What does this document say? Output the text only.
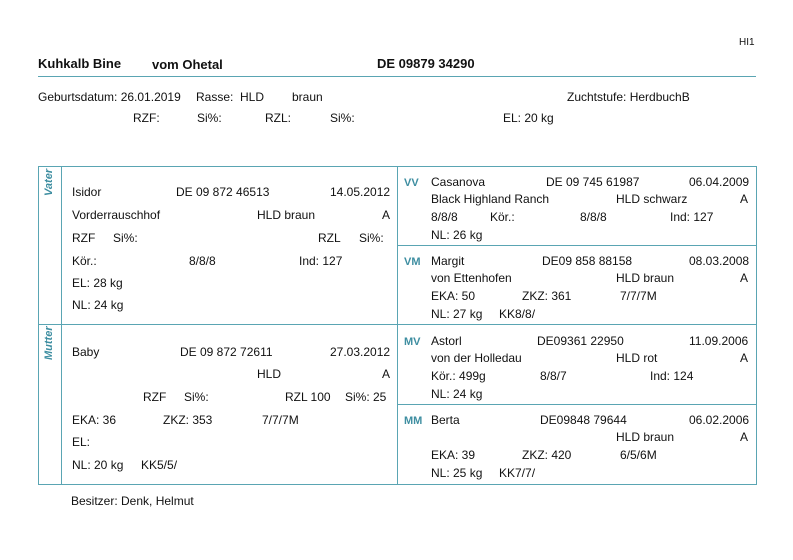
HI1
Kuhkalb Bine vom Ohetal	DE 09879 34290
Geburtsdatum: 26.01.2019 Rasse: HLD braun	Zuchtstufe: HerdbuchB
RZF:	Si%:	RZL:	Si%:	EL: 20 kg
Vater
Mutter
Isidor	DE 09 872 46513	14.05.2012
Vorderrauschhof	HLD braun	A
RZF Si%:	RZL Si%:
Kör.:	8/8/8	Ind: 127
EL: 28 kg
NL: 24 kg
Baby	DE 09 872 72611	27.03.2012
HLD	A
RZF Si%:	RZL 100 Si%: 25
EKA: 36	ZKZ: 353	7/7/7M
EL:
NL: 20 kg KK5/5/
VV Casanova	DE 09 745 61987	06.04.2009
Black Highland Ranch	HLD schwarz	A
8/8/8	Kör.:	8/8/8	Ind: 127
NL: 26 kg
VM Margit	DE09 858 88158	08.03.2008
von Ettenhofen	HLD braun	A
EKA: 50	ZKZ: 361	7/7/7M
NL: 27 kg KK8/8/
MV Astorl	DE09361 22950	11.09.2006
von der Holledau	HLD rot	A
Kör.: 499g	8/8/7	Ind: 124
NL: 24 kg
MM Berta	DE09848 79644	06.02.2006
HLD braun	A
EKA: 39	ZKZ: 420	6/5/6M
NL: 25 kg KK7/7/
Besitzer: Denk, Helmut
